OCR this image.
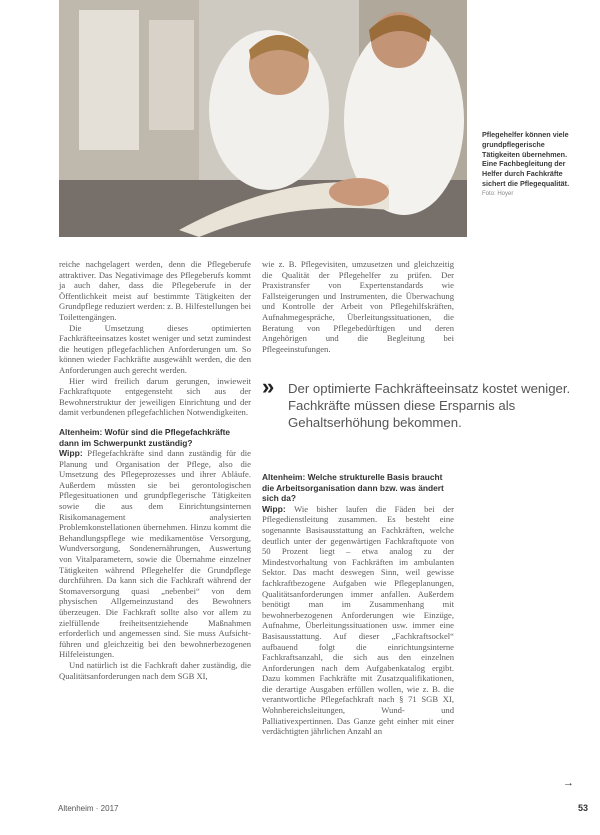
Pflegehelfer können viele grundpflegerische Tätigkeiten übernehmen. Eine Fachbegleitung der Helfer durch Fachkräfte sichert die Pflegequalität.
Foto: Hoyer

reiche nachgelagert werden, denn die Pflegeberufe attraktiver. Das Negativimage des Pflegeberufs kommt ja auch daher, dass die Pflegeberufe in der Öffentlichkeit meist auf bestimmte Tätigkeiten der Grundpflege reduziert werden: z. B. Hilfestellungen bei Toilettengängen.

Die Umsetzung dieses optimierten Fachkräfteeinsatzes kostet weniger und setzt zumindest die heutigen pflegefachlichen Anforderungen um. So können wieder Fachkräfte ausgewählt werden, die den Anforderungen auch gerecht werden.

Hier wird freilich darum gerungen, inwieweit Fachkraftquote entgegensteht sich aus der Bewohnerstruktur der jeweiligen Einrichtung und der damit verbundenen pflegefachlichen Notwendigkeiten.

Altenheim: Wofür sind die Pflegefachkräfte dann im Schwerpunkt zuständig?

Wipp: Pflegefachkräfte sind dann zuständig für die Planung und Organisation der Pflege, also die Umsetzung des Pflegeprozesses und ihrer Abläufe. Außerdem müssten sie bei gerontologischen Pflegesituationen und grundpflegerische Tätigkeiten sowie die aus dem Einrichtungsinternen Risikomanagement analysierten Problemkonstellationen übernehmen. Hinzu kommt die Behandlungspflege wie medikamentöse Versorgung, Wundversorgung, Sondenernährungen, Auswertung von Vitalparametern, sowie die Übernahme einzelner Tätigkeiten während Pflegehelfer die Grundpflege durchführen. Da kann sich die Fachkraft während der Stomaversorgung quasi „nebenbei“ von dem physischen Allgemeinzustand des Bewohners überzeugen. Die Fachkraft sollte also vor allem zu zielfüllende freiheitsentziehende Maßnahmen erforderlich und angemessen sind. Sie muss Aufsicht- führen und gleichzeitig bei den bewohnerbezogenen Hilfeleistungen.

Und natürlich ist die Fachkraft daher zuständig, die Qualitätsanforderungen nach dem SGB XI,

wie z. B. Pflegevisiten, umzusetzen und gleichzeitig die Qualität der Pflegehelfer zu prüfen. Der Praxistransfer von Expertenstandards wie Fallsteigerungen und Instrumenten, die Überwachung und Kontrolle der Arbeit von Pflegehilfskräften, Aufnahmegespräche, Überleitungssituationen, die Beratung von Pflegebedürftigen und deren Angehörigen und die Begleitung bei Pflegeeinstufungen.

» Der optimierte Fachkräfteeinsatz kostet weniger. Fachkräfte müssen diese Ersparnis als Gehaltserhöhung bekommen.

Altenheim: Welche strukturelle Basis braucht die Arbeitsorganisation dann bzw. was ändert sich da?

Wipp: Wie bisher laufen die Fäden bei der Pflegedienstleitung zusammen. Es besteht eine sogenannte Basisausstattung an Fachkräften, welche deutlich unter der gegenwärtigen Fachkraftquote von 50 Prozent liegt – etwa analog zu der Mindestvorhaltung von Fachkräften im ambulanten Sektor. Das macht deswegen Sinn, weil gewisse fachkraftbezogene Aufgaben wie Pflegeplanungen, Qualitätsanforderungen immer anfallen. Außerdem benötigt man im Zusammenhang mit bewohnerbezogenen Anforderungen wie Einzüge, Aufnahme, Überleitungssituationen usw. immer eine Basisausstattung. Auf dieser „Fachkraftsockel“ aufbauend folgt die einrichtungsinterne Fachkraftsanzahl, die sich aus den einzelnen Anforderungen nach dem Aufgabenkatalog ergibt. Dazu kommen Fachkräfte mit Zusatzqualifikationen, die derartige Ausgaben erfüllen wollen, wie z. B. die verantwortliche Pflegefachkraft nach § 71 SGB XI, Wohnbereichsleitungen, Wund- und Palliativexpertinnen. Das Ganze geht einher mit einer verdächtigten jährlichen Anzahl an

→
Altenheim · 2017	53
